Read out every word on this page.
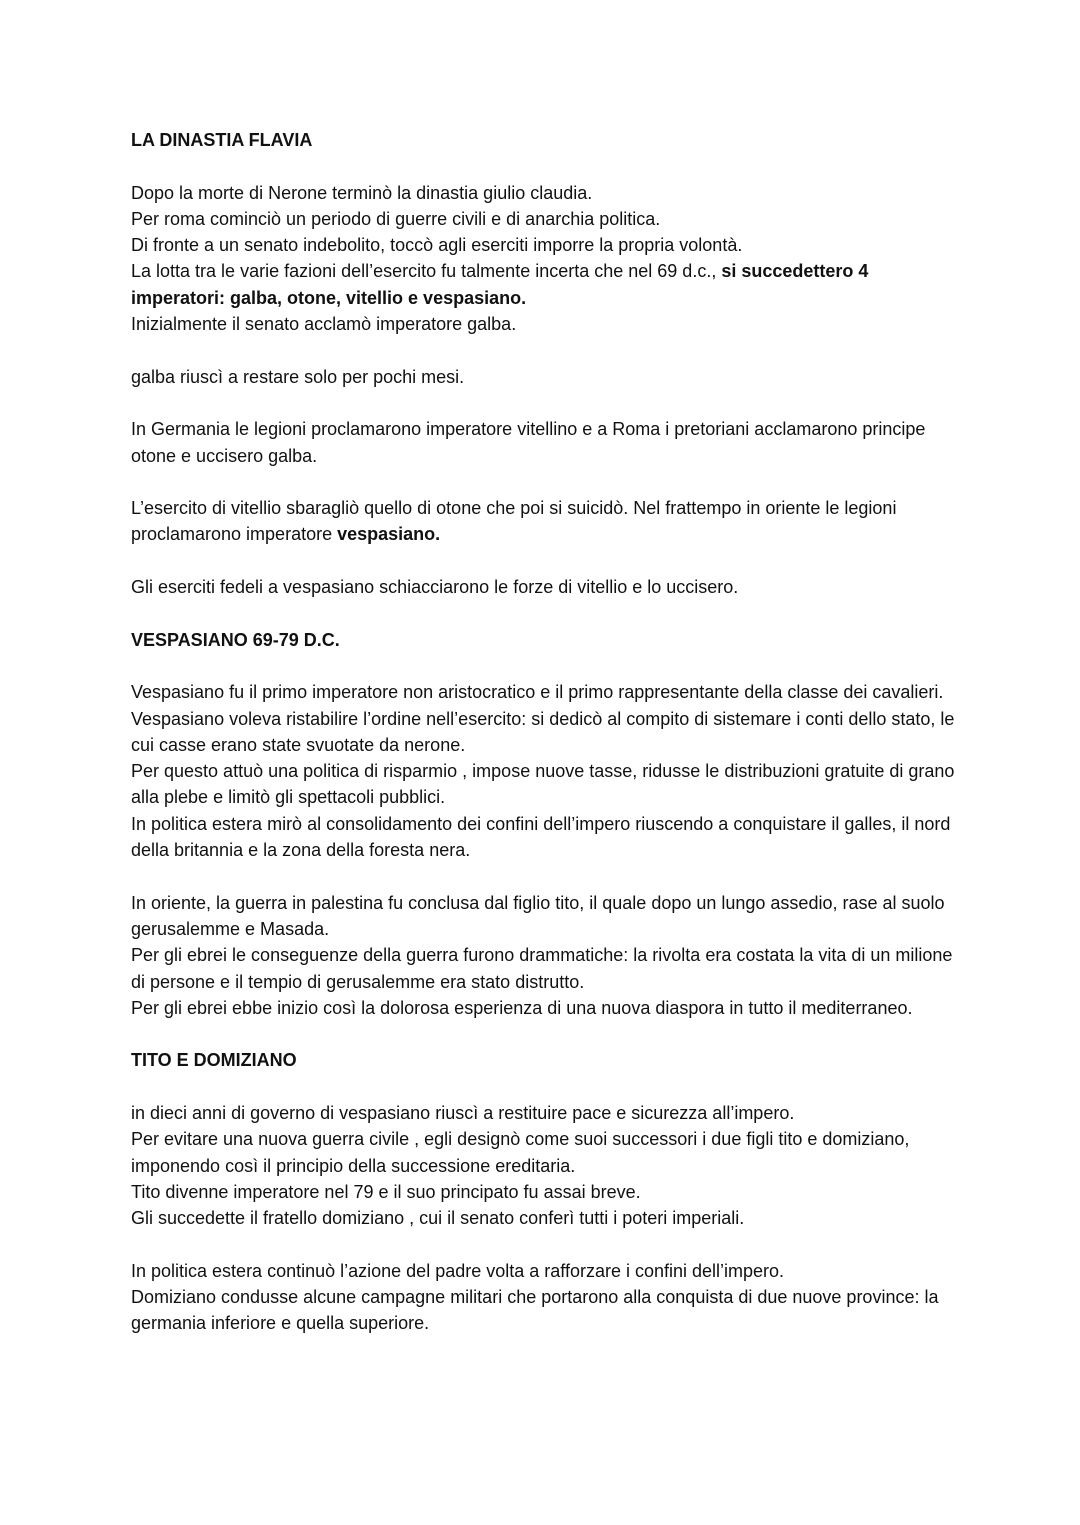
LA DINASTIA FLAVIA

Dopo la morte di Nerone terminò la dinastia giulio claudia.

Per roma cominciò un periodo di guerre civili e di anarchia politica.

Di fronte a un senato indebolito, toccò agli eserciti imporre la propria volontà.

La lotta tra le varie fazioni dell’esercito fu talmente incerta che nel 69 d.c., si succedettero 4 imperatori: galba, otone, vitellio e vespasiano.

Inizialmente il senato acclamò imperatore galba.

galba riuscì a restare solo per pochi mesi.

In Germania le legioni proclamarono imperatore vitellino e a Roma i pretoriani acclamarono principe otone e uccisero galba.

L’esercito di vitellio sbaragliò quello di otone che poi si suicidò. Nel frattempo in oriente le legioni proclamarono imperatore vespasiano.

Gli eserciti fedeli a vespasiano schiacciarono le forze di vitellio e lo uccisero.

VESPASIANO 69-79 D.C.

Vespasiano fu il primo imperatore non aristocratico e il primo rappresentante della classe dei cavalieri.

Vespasiano voleva ristabilire l’ordine nell’esercito: si dedicò al compito di sistemare i conti dello stato, le cui casse erano state svuotate da nerone.

Per questo attuò una politica di risparmio , impose nuove tasse, ridusse le distribuzioni gratuite di grano alla plebe e limitò gli spettacoli pubblici.

In politica estera mirò al consolidamento dei confini dell’impero riuscendo a conquistare il galles, il nord della britannia e la zona della foresta nera.

In oriente, la guerra in palestina fu conclusa dal figlio tito, il quale dopo un lungo assedio, rase al suolo gerusalemme e Masada.

Per gli ebrei le conseguenze della guerra furono drammatiche: la rivolta era costata la vita di un milione di persone e il tempio di gerusalemme era stato distrutto.

Per gli ebrei ebbe inizio così la dolorosa esperienza di una nuova diaspora in tutto il mediterraneo.

TITO E DOMIZIANO

in dieci anni di governo di vespasiano riuscì a restituire pace e sicurezza all’impero.

Per evitare una nuova guerra civile , egli designò come suoi successori i due figli tito e domiziano, imponendo così il principio della successione ereditaria.

Tito divenne imperatore nel 79 e il suo principato fu assai breve.

Gli succedette il fratello domiziano , cui il senato conferì tutti i poteri imperiali.

In politica estera continuò l’azione del padre volta a rafforzare i confini dell’impero.

Domiziano condusse alcune campagne militari che portarono alla conquista di due nuove province: la germania inferiore e quella superiore.
